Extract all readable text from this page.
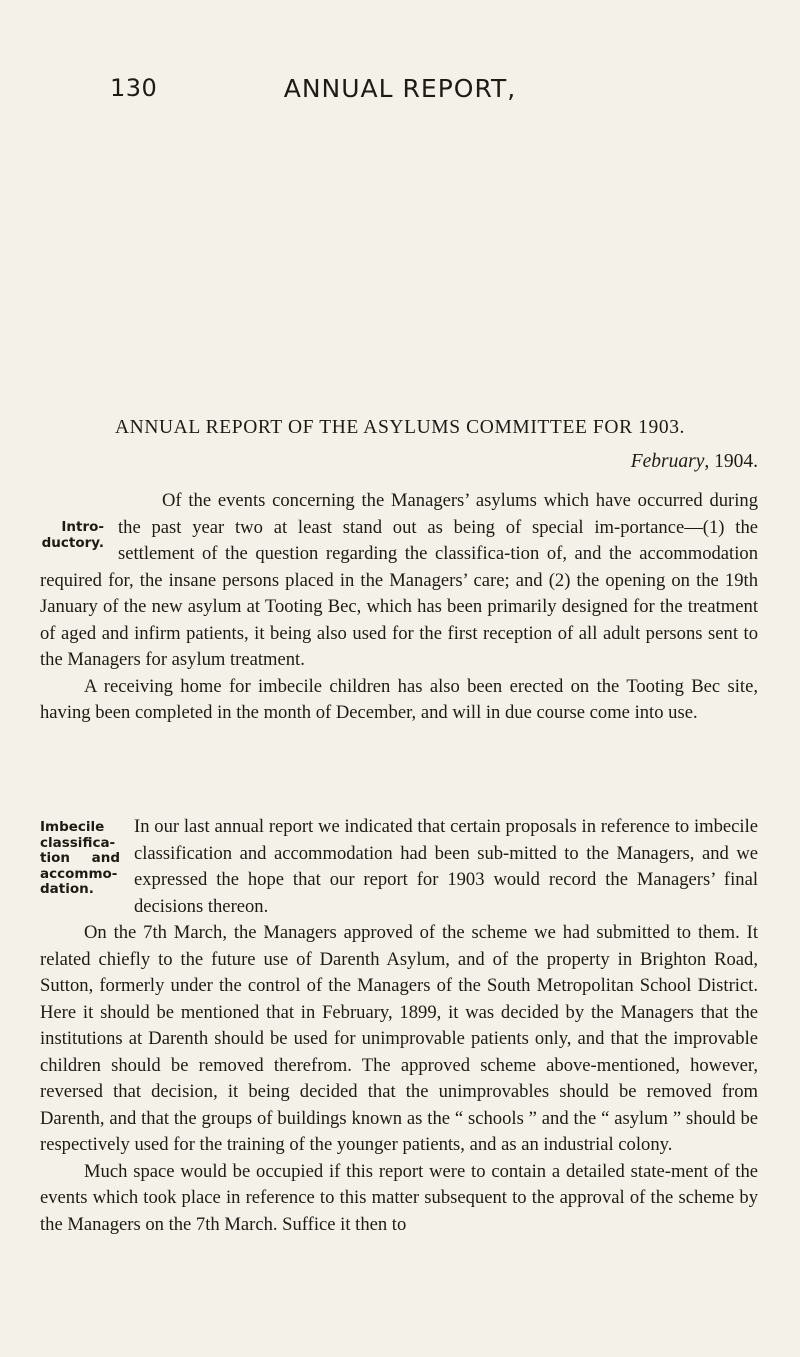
130	ANNUAL REPORT,
ANNUAL REPORT OF THE ASYLUMS COMMITTEE FOR 1903.
February, 1904.
Intro-ductory.

Of the events concerning the Managers’ asylums which have occurred during the past year two at least stand out as being of special im-portance—(1) the settlement of the question regarding the classifica-tion of, and the accommodation required for, the insane persons placed in the Managers’ care; and (2) the opening on the 19th January of the new asylum at Tooting Bec, which has been primarily designed for the treatment of aged and infirm patients, it being also used for the first reception of all adult persons sent to the Managers for asylum treatment.

A receiving home for imbecile children has also been erected on the Tooting Bec site, having been completed in the month of December, and will in due course come into use.

Imbecile classifica-tion and accommo-dation.

In our last annual report we indicated that certain proposals in reference to imbecile classification and accommodation had been sub-mitted to the Managers, and we expressed the hope that our report for 1903 would record the Managers’ final decisions thereon.

On the 7th March, the Managers approved of the scheme we had submitted to them. It related chiefly to the future use of Darenth Asylum, and of the property in Brighton Road, Sutton, formerly under the control of the Managers of the South Metropolitan School District. Here it should be mentioned that in February, 1899, it was decided by the Managers that the institutions at Darenth should be used for unimprovable patients only, and that the improvable children should be removed therefrom. The approved scheme above-mentioned, however, reversed that decision, it being decided that the unimprovables should be removed from Darenth, and that the groups of buildings known as the “ schools ” and the “ asylum ” should be respectively used for the training of the younger patients, and as an industrial colony.

Much space would be occupied if this report were to contain a detailed state-ment of the events which took place in reference to this matter subsequent to the approval of the scheme by the Managers on the 7th March. Suffice it then to
